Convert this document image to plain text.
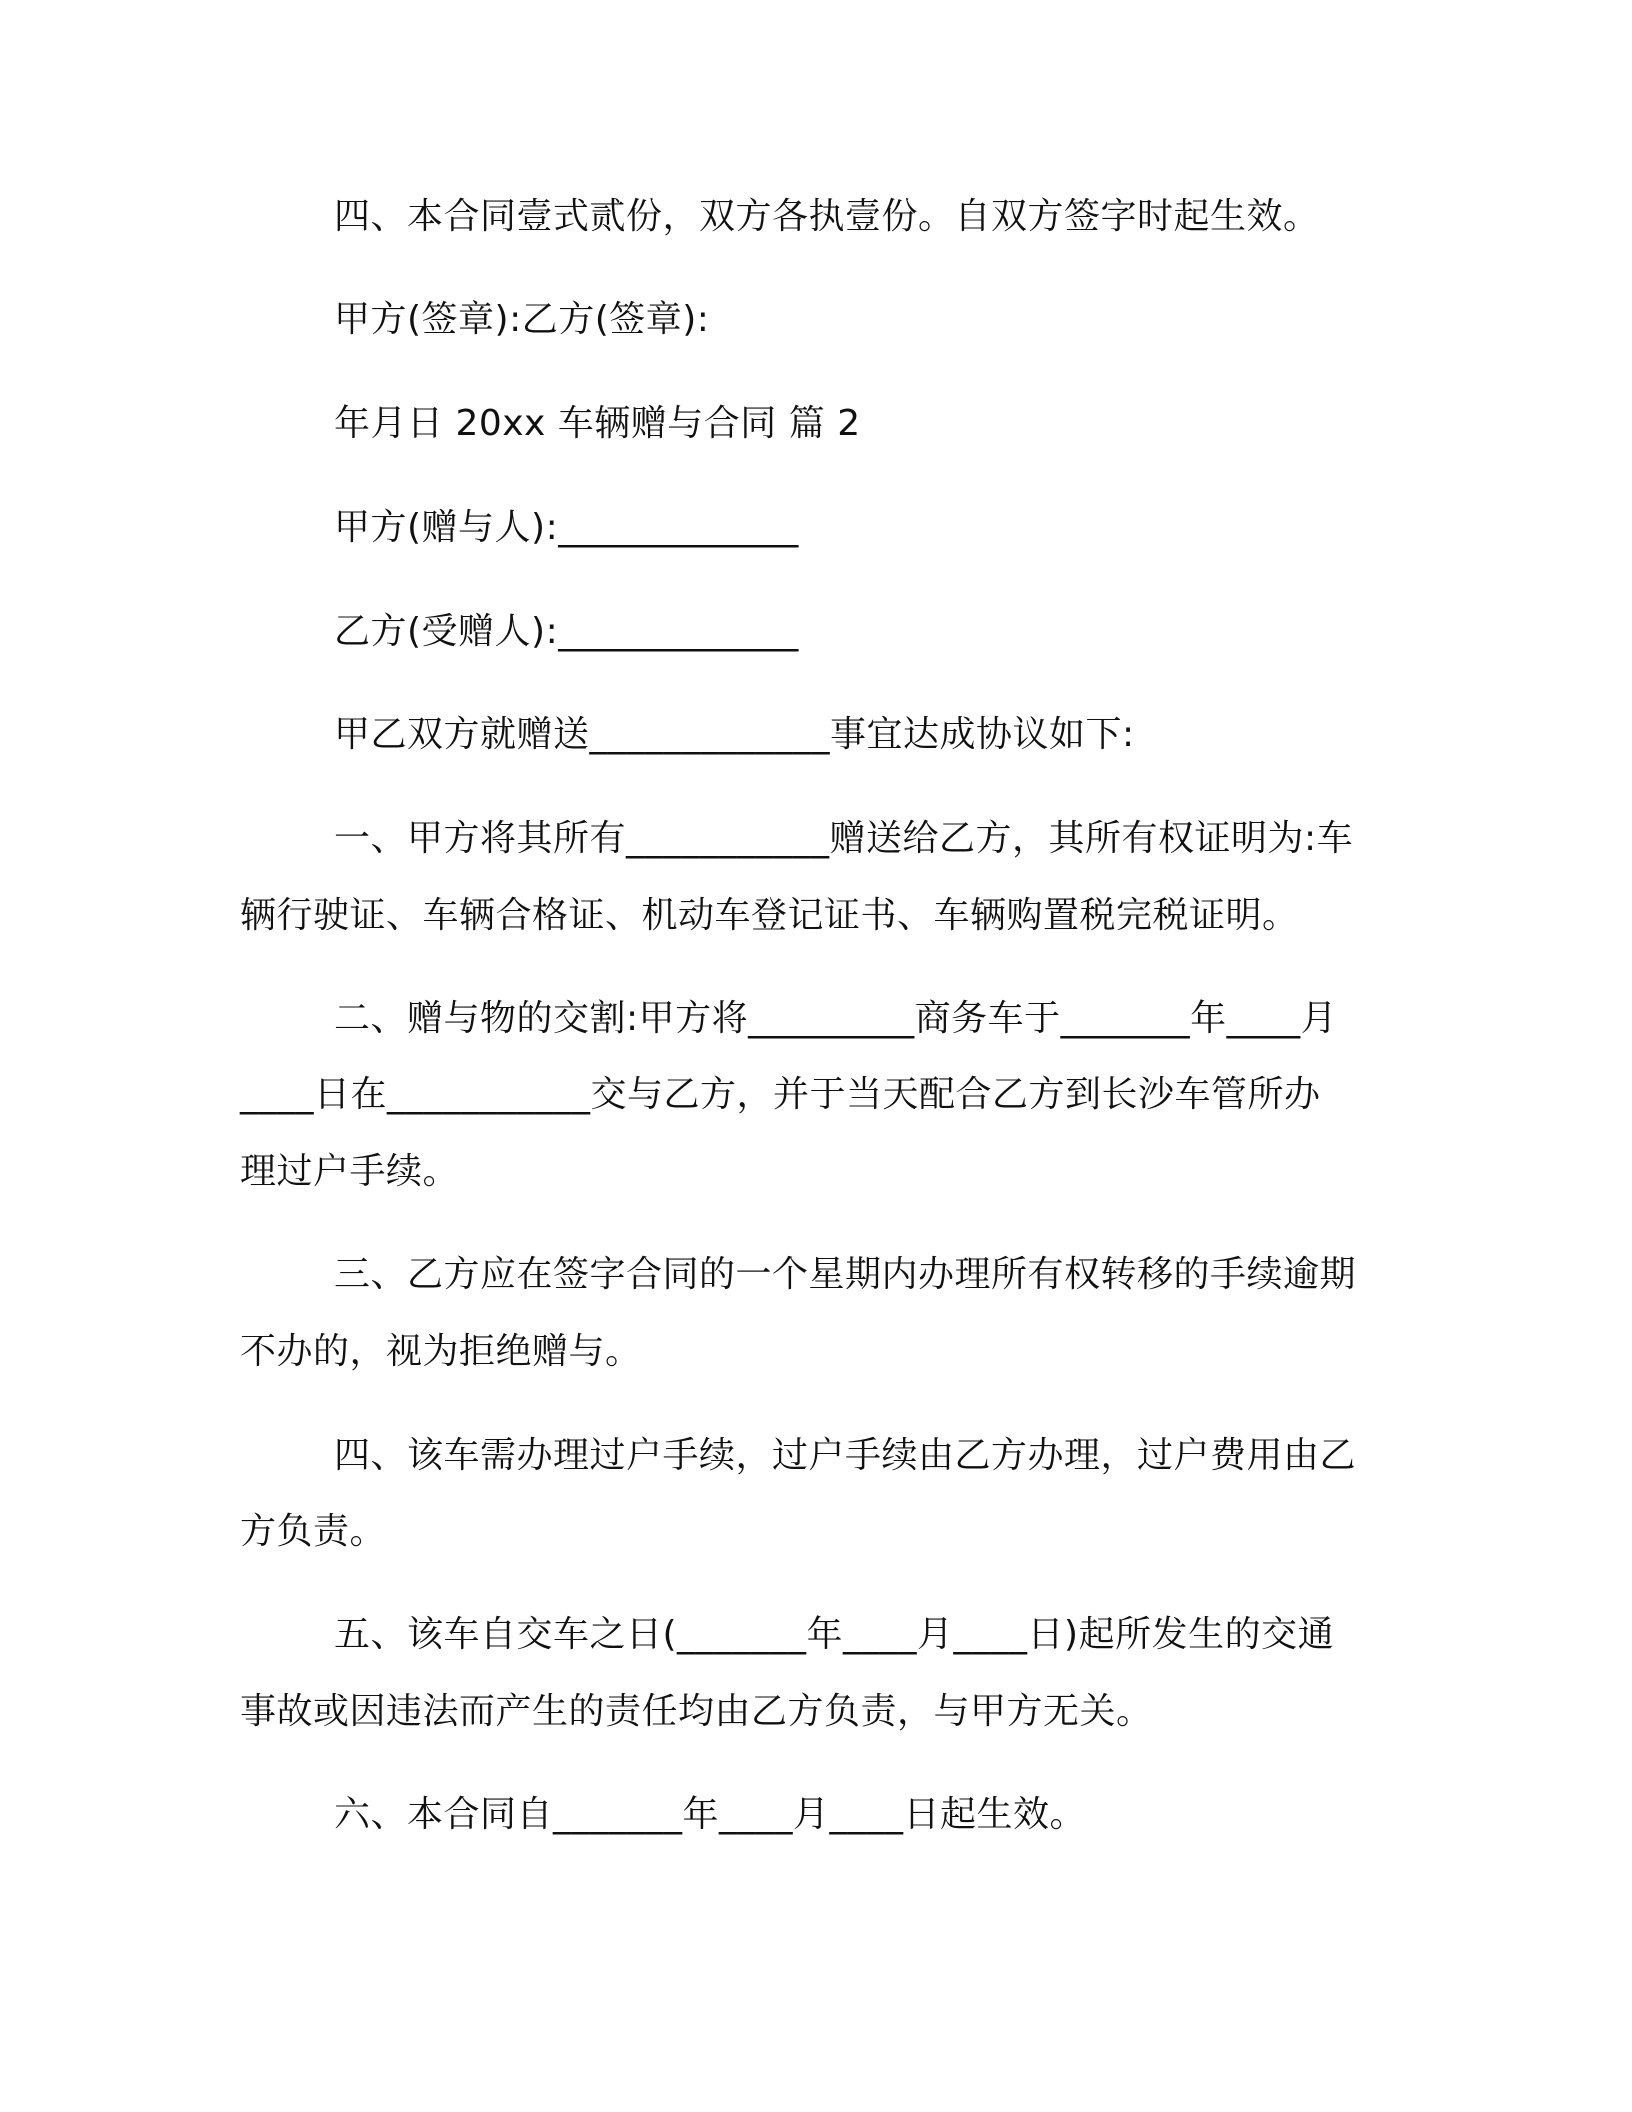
四、本合同壹式贰份，双方各执壹份。自双方签字时起生效。
甲方(签章):乙方(签章):
年月日 20xx 车辆赠与合同 篇 2
甲方(赠与人):_____________
乙方(受赠人):_____________
甲乙双方就赠送_____________事宜达成协议如下:
一、甲方将其所有___________赠送给乙方，其所有权证明为:车
辆行驶证、车辆合格证、机动车登记证书、车辆购置税完税证明。
二、赠与物的交割:甲方将_________商务车于_______年____月
____日在___________交与乙方，并于当天配合乙方到长沙车管所办
理过户手续。
三、乙方应在签字合同的一个星期内办理所有权转移的手续逾期
不办的，视为拒绝赠与。
四、该车需办理过户手续，过户手续由乙方办理，过户费用由乙
方负责。
五、该车自交车之日(_______年____月____日)起所发生的交通
事故或因违法而产生的责任均由乙方负责，与甲方无关。
六、本合同自_______年____月____日起生效。
